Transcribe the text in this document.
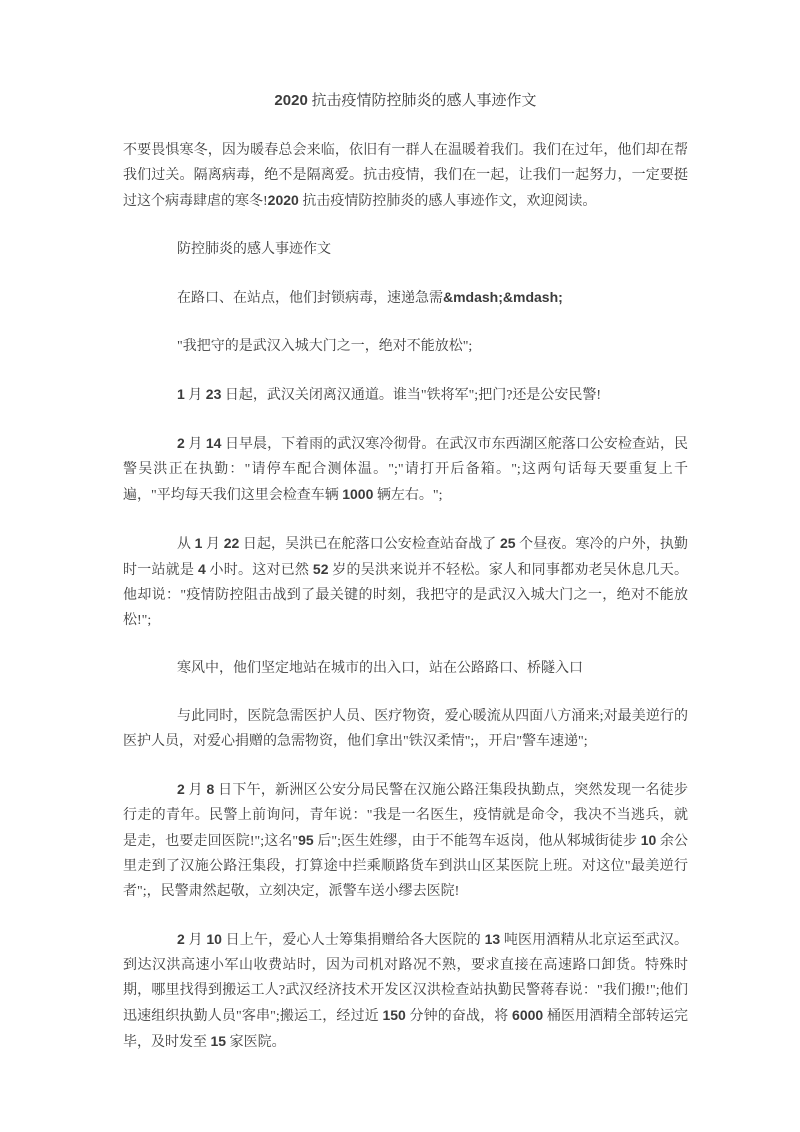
2020 抗击疫情防控肺炎的感人事迹作文

不要畏惧寒冬，因为暖春总会来临，依旧有一群人在温暖着我们。我们在过年，他们却在帮我们过关。隔离病毒，绝不是隔离爱。抗击疫情，我们在一起，让我们一起努力，一定要挺过这个病毒肆虐的寒冬!2020 抗击疫情防控肺炎的感人事迹作文，欢迎阅读。

防控肺炎的感人事迹作文

在路口、在站点，他们封锁病毒，速递急需&mdash;&mdash;

"我把守的是武汉入城大门之一，绝对不能放松";

1 月 23 日起，武汉关闭离汉通道。谁当"铁将军";把门?还是公安民警!

2 月 14 日早晨，下着雨的武汉寒冷彻骨。在武汉市东西湖区舵落口公安检查站，民警吴洪正在执勤："请停车配合测体温。";"请打开后备箱。";这两句话每天要重复上千遍，"平均每天我们这里会检查车辆 1000 辆左右。";

从 1 月 22 日起，吴洪已在舵落口公安检查站奋战了 25 个昼夜。寒冷的户外，执勤时一站就是 4 小时。这对已然 52 岁的吴洪来说并不轻松。家人和同事都劝老吴休息几天。他却说："疫情防控阻击战到了最关键的时刻，我把守的是武汉入城大门之一，绝对不能放松!";

寒风中，他们坚定地站在城市的出入口，站在公路路口、桥隧入口

与此同时，医院急需医护人员、医疗物资，爱心暖流从四面八方涌来;对最美逆行的医护人员，对爱心捐赠的急需物资，他们拿出"铁汉柔情";，开启"警车速递";

2 月 8 日下午，新洲区公安分局民警在汉施公路汪集段执勤点，突然发现一名徒步行走的青年。民警上前询问，青年说："我是一名医生，疫情就是命令，我决不当逃兵，就是走，也要走回医院!";这名"95 后";医生姓缪，由于不能驾车返岗，他从邾城街徒步 10 余公里走到了汉施公路汪集段，打算途中拦乘顺路货车到洪山区某医院上班。对这位"最美逆行者";，民警肃然起敬，立刻决定，派警车送小缪去医院!

2 月 10 日上午，爱心人士筹集捐赠给各大医院的 13 吨医用酒精从北京运至武汉。到达汉洪高速小军山收费站时，因为司机对路况不熟，要求直接在高速路口卸货。特殊时期，哪里找得到搬运工人?武汉经济技术开发区汉洪检查站执勤民警蒋春说："我们搬!";他们迅速组织执勤人员"客串";搬运工，经过近 150 分钟的奋战，将 6000 桶医用酒精全部转运完毕，及时发至 15 家医院。
